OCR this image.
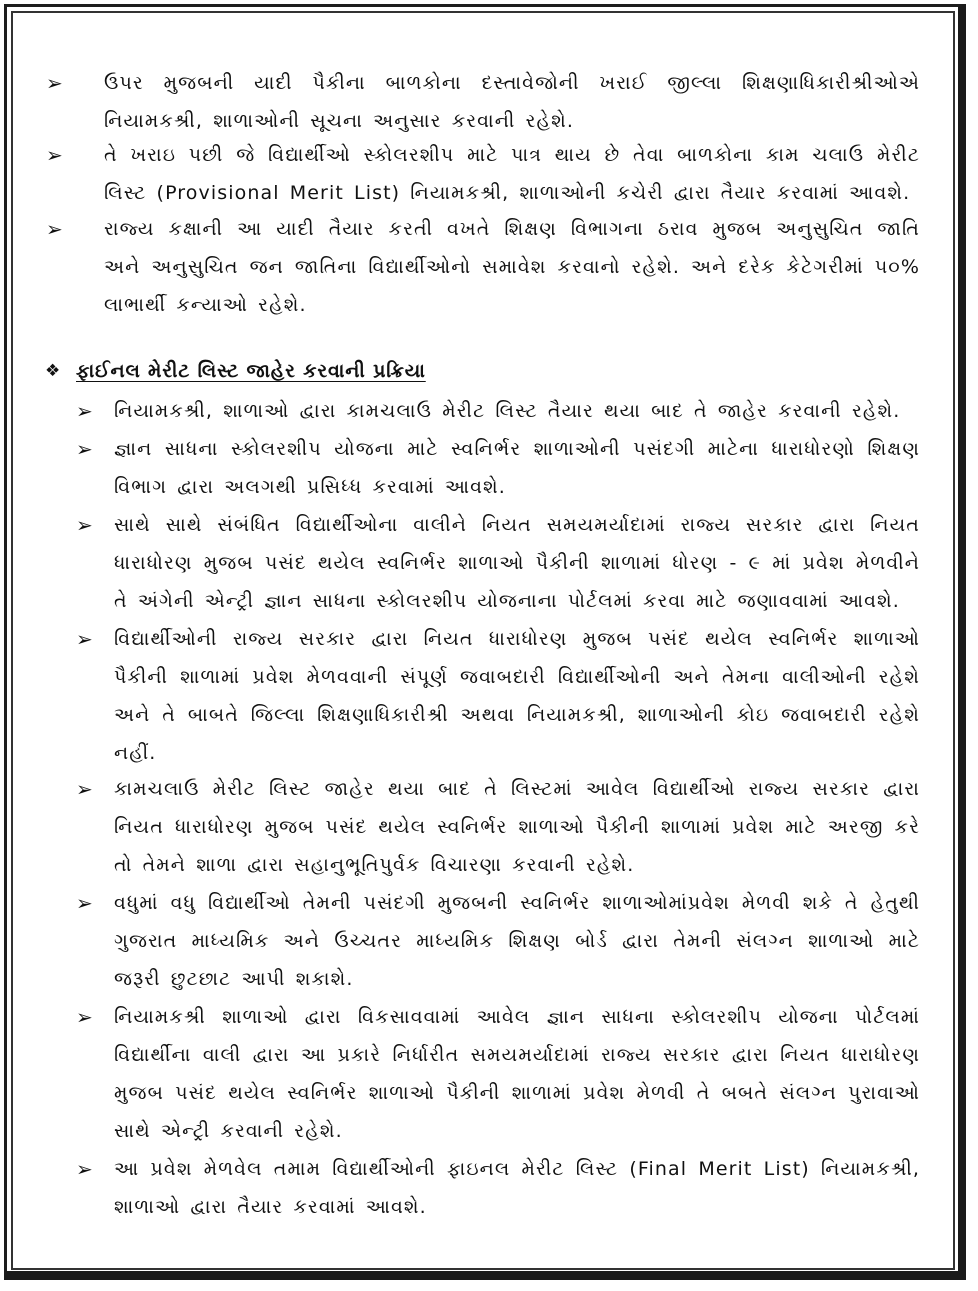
➢ ઉપર મુજબની યાદી પૈકીના બાળકોના દસ્તાવેજોની ખરાઈ જીલ્લા શિક્ષણાધિકારીશ્રીઓએ નિયામકશ્રી, શાળાઓની સૂચના અનુસાર કરવાની રહેશે.
➢ તે ખરાઇ પછી જે વિદ્યાર્થીઓ સ્કોલરશીપ માટે પાત્ર થાય છે તેવા બાળકોના કામ ચલાઉ મેરીટ લિસ્ટ (Provisional Merit List) નિયામકશ્રી, શાળાઓની કચેરી દ્વારા તૈયાર કરવામાં આવશે.
➢ રાજ્ય કક્ષાની આ યાદી તૈયાર કરતી વખતે શિક્ષણ વિભાગના ઠરાવ મુજબ અનુસુચિત જાતિ અને અનુસુચિત જન જાતિના વિદ્યાર્થીઓનો સમાવેશ કરવાનો રહેશે. અને દરેક કેટેગરીમાં ૫૦% લાભાર્થી કન્યાઓ રહેશે.
❖ ફાઈનલ મેરીટ લિસ્ટ જાહેર કરવાની પ્રક્રિયા
➢ નિયામકશ્રી, શાળાઓ દ્વારા કામચલાઉ મેરીટ લિસ્ટ તૈયાર થયા બાદ તે જાહેર કરવાની રહેશે.
➢ જ્ઞાન સાધના સ્કોલરશીપ યોજના માટે સ્વનિર્ભર શાળાઓની પસંદગી માટેના ધારાધોરણો શિક્ષણ વિભાગ દ્વારા અલગથી પ્રસિધ્ધ કરવામાં આવશે.
➢ સાથે સાથે સંબંધિત વિદ્યાર્થીઓના વાલીને નિયત સમયમર્યાદામાં રાજ્ય સરકાર દ્વારા નિયત ધારાધોરણ મુજબ પસંદ થયેલ સ્વનિર્ભર શાળાઓ પૈકીની શાળામાં ધોરણ - ૯ માં પ્રવેશ મેળવીને તે અંગેની એન્ટ્રી જ્ઞાન સાધના સ્કોલરશીપ યોજનાના પોર્ટલમાં કરવા માટે જણાવવામાં આવશે.
➢ વિદ્યાર્થીઓની રાજ્ય સરકાર દ્વારા નિયત ધારાધોરણ મુજબ પસંદ થયેલ સ્વનિર્ભર શાળાઓ પૈકીની શાળામાં પ્રવેશ મેળવવાની સંપૂર્ણ જવાબદારી વિદ્યાર્થીઓની અને તેમના વાલીઓની રહેશે અને તે બાબતે જિલ્લા શિક્ષણાધિકારીશ્રી અથવા નિયામકશ્રી, શાળાઓની કોઇ જવાબદારી રહેશે નહીં.
➢ કામચલાઉ મેરીટ લિસ્ટ જાહેર થયા બાદ તે લિસ્ટમાં આવેલ વિદ્યાર્થીઓ રાજ્ય સરકાર દ્વારા નિયત ધારાધોરણ મુજબ પસંદ થયેલ સ્વનિર્ભર શાળાઓ પૈકીની શાળામાં પ્રવેશ માટે અરજી કરે તો તેમને શાળા દ્વારા સહાનુભૂતિપુર્વક વિચારણા કરવાની રહેશે.
➢ વધુમાં વધુ વિદ્યાર્થીઓ તેમની પસંદગી મુજબની સ્વનિર્ભર શાળાઓમાંપ્રવેશ મેળવી શકે તે હેતુથી ગુજરાત માધ્યમિક અને ઉચ્ચતર માધ્યમિક શિક્ષણ બોર્ડ દ્વારા તેમની સંલગ્ન શાળાઓ માટે જરૂરી છુટછાટ આપી શકાશે.
➢ નિયામકશ્રી શાળાઓ દ્વારા વિકસાવવામાં આવેલ જ્ઞાન સાધના સ્કોલરશીપ યોજના પોર્ટલમાં વિદ્યાર્થીના વાલી દ્વારા આ પ્રકારે નિર્ધારીત સમયમર્યાદામાં રાજ્ય સરકાર દ્વારા નિયત ધારાધોરણ મુજબ પસંદ થયેલ સ્વનિર્ભર શાળાઓ પૈકીની શાળામાં પ્રવેશ મેળવી તે બબતે સંલગ્ન પુરાવાઓ સાથે એન્ટ્રી કરવાની રહેશે.
➢ આ પ્રવેશ મેળવેલ તમામ વિદ્યાર્થીઓની ફાઇનલ મેરીટ લિસ્ટ (Final Merit List) નિયામકશ્રી, શાળાઓ દ્વારા તૈયાર કરવામાં આવશે.
